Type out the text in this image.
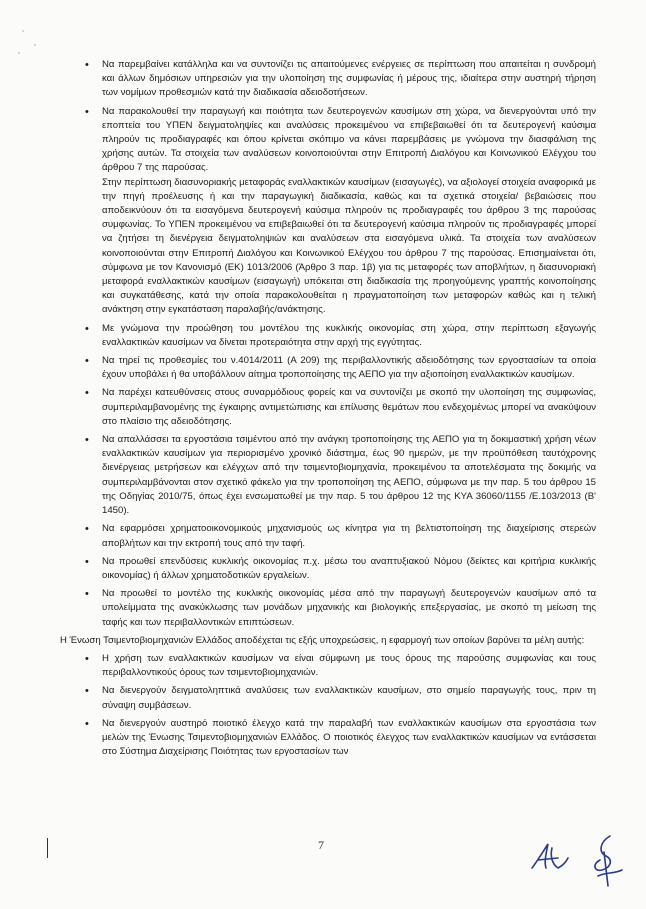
• Να παρεμβαίνει κατάλληλα και να συντονίζει τις απαιτούμενες ενέργειες σε περίπτωση που απαιτείται η συνδρομή και άλλων δημόσιων υπηρεσιών για την υλοποίηση της συμφωνίας ή μέρους της, ιδιαίτερα στην αυστηρή τήρηση των νομίμων προθεσμιών κατά την διαδικασία αδειοδοτήσεων.
• Να παρακολουθεί την παραγωγή και ποιότητα των δευτερογενών καυσίμων στη χώρα, να διενεργούνται υπό την εποπτεία του ΥΠΕΝ δειγματοληψίες και αναλύσεις προκειμένου να επιβεβαιωθεί ότι τα δευτερογενή καύσιμα πληρούν τις προδιαγραφές και όπου κρίνεται σκόπιμο να κάνει παρεμβάσεις με γνώμονα την διασφάλιση της χρήσης αυτών. Τα στοιχεία των αναλύσεων κοινοποιούνται στην Επιτροπή Διαλόγου και Κοινωνικού Ελέγχου του άρθρου 7 της παρούσας.
Στην περίπτωση διασυνοριακής μεταφοράς εναλλακτικών καυσίμων (εισαγωγές), να αξιολογεί στοιχεία αναφορικά με την πηγή προέλευσης ή και την παραγωγική διαδικασία, καθώς και τα σχετικά στοιχεία/ βεβαιώσεις που αποδεικνύουν ότι τα εισαγόμενα δευτερογενή καύσιμα πληρούν τις προδιαγραφές του άρθρου 3 της παρούσας συμφωνίας. Το ΥΠΕΝ προκειμένου να επιβεβαιωθεί ότι τα δευτερογενή καύσιμα πληρούν τις προδιαγραφές μπορεί να ζητήσει τη διενέργεια δειγματοληψιών και αναλύσεων στα εισαγόμενα υλικά. Τα στοιχεία των αναλύσεων κοινοποιούνται στην Επιτροπή Διαλόγου και Κοινωνικού Ελέγχου του άρθρου 7 της παρούσας. Επισημαίνεται ότι, σύμφωνα με τον Κανονισμό (ΕΚ) 1013/2006 (Άρθρο 3 παρ. 1β) για τις μεταφορές των αποβλήτων, η διασυνοριακή μεταφορά εναλλακτικών καυσίμων (εισαγωγή) υπόκειται στη διαδικασία της προηγούμενης γραπτής κοινοποίησης και συγκατάθεσης, κατά την οποία παρακολουθείται η πραγματοποίηση των μεταφορών καθώς και η τελική ανάκτηση στην εγκατάσταση παραλαβής/ανάκτησης.
• Με γνώμονα την προώθηση του μοντέλου της κυκλικής οικονομίας στη χώρα, στην περίπτωση εξαγωγής εναλλακτικών καυσίμων να δίνεται προτεραιότητα στην αρχή της εγγύτητας.
• Να τηρεί τις προθεσμίες του ν.4014/2011 (Α 209) της περιβαλλοντικής αδειοδότησης των εργοστασίων τα οποία έχουν υποβάλει ή θα υποβάλλουν αίτημα τροποποίησης της ΑΕΠΟ για την αξιοποίηση εναλλακτικών καυσίμων.
• Να παρέχει κατευθύνσεις στους συναρμόδιους φορείς και να συντονίζει με σκοπό την υλοποίηση της συμφωνίας, συμπεριλαμβανομένης της έγκαιρης αντιμετώπισης και επίλυσης θεμάτων που ενδεχομένως μπορεί να ανακύψουν στο πλαίσιο της αδειοδότησης.
• Να απαλλάσσει τα εργοστάσια τσιμέντου από την ανάγκη τροποποίησης της ΑΕΠΟ για τη δοκιμαστική χρήση νέων εναλλακτικών καυσίμων για περιορισμένο χρονικό διάστημα, έως 90 ημερών, με την προϋπόθεση ταυτόχρονης διενέργειας μετρήσεων και ελέγχων από την τσιμεντοβιομηχανία, προκειμένου τα αποτελέσματα της δοκιμής να συμπεριλαμβάνονται στον σχετικό φάκελο για την τροποποίηση της ΑΕΠΟ, σύμφωνα με την παρ. 5 του άρθρου 15 της Οδηγίας 2010/75, όπως έχει ενσωματωθεί με την παρ. 5 του άρθρου 12 της ΚΥΑ 36060/1155 /Ε.103/2013 (Β' 1450).
• Να εφαρμόσει χρηματοοικονομικούς μηχανισμούς ως κίνητρα για τη βελτιστοποίηση της διαχείρισης στερεών αποβλήτων και την εκτροπή τους από την ταφή.
• Να προωθεί επενδύσεις κυκλικής οικονομίας π.χ. μέσω του αναπτυξιακού Νόμου (δείκτες και κριτήρια κυκλικής οικονομίας) ή άλλων χρηματοδοτικών εργαλείων.
• Να προωθεί το μοντέλο της κυκλικής οικονομίας μέσα από την παραγωγή δευτερογενών καυσίμων από τα υπολείμματα της ανακύκλωσης των μονάδων μηχανικής και βιολογικής επεξεργασίας, με σκοπό τη μείωση της ταφής και των περιβαλλοντικών επιπτώσεων.

Η Ένωση Τσιμεντοβιομηχανιών Ελλάδος αποδέχεται τις εξής υποχρεώσεις, η εφαρμογή των οποίων βαρύνει τα μέλη αυτής:

• Η χρήση των εναλλακτικών καυσίμων να είναι σύμφωνη με τους όρους της παρούσης συμφωνίας και τους περιβαλλοντικούς όρους των τσιμεντοβιομηχανιών.
• Να διενεργούν δειγματοληπτικά αναλύσεις των εναλλακτικών καυσίμων, στο σημείο παραγωγής τους, πριν τη σύναψη συμβάσεων.
• Να διενεργούν αυστηρό ποιοτικό έλεγχο κατά την παραλαβή των εναλλακτικών καυσίμων στα εργοστάσια των μελών της Ένωσης Τσιμεντοβιομηχανιών Ελλάδος. Ο ποιοτικός έλεγχος των εναλλακτικών καυσίμων να εντάσσεται στο Σύστημα Διαχείρισης Ποιότητας των εργοστασίων των
7
